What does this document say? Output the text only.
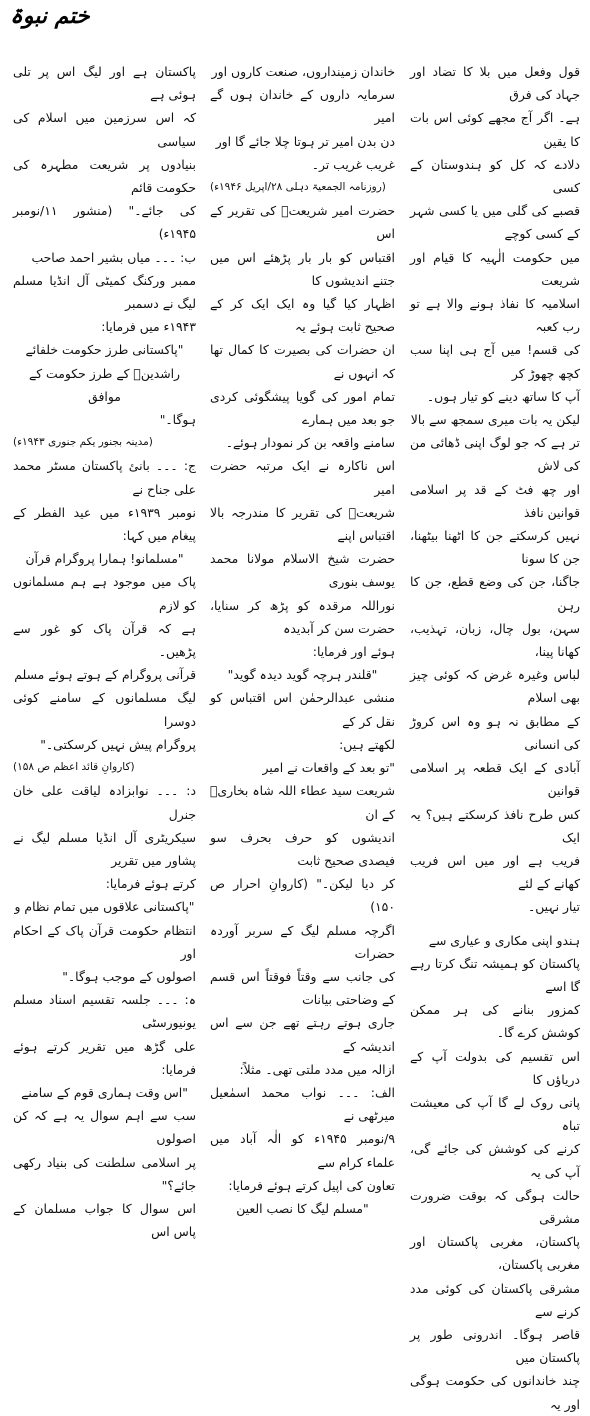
ختم نبوۃ

قول وفعل میں بلا کا تضاد اور جہاد کی فرق

ہے۔ اگر آج مجھے کوئی اس بات کا یقین

دلادے کہ کل کو ہندوستان کے کسی

قصبے کی گلی میں یا کسی شہر کے کسی کوچے

میں حکومت الٰہیہ کا قیام اور شریعت

اسلامیہ کا نفاذ ہونے والا ہے تو رب کعبہ

کی قسم! میں آج ہی اپنا سب کچھ چھوڑ کر

آپ کا ساتھ دینے کو تیار ہوں۔

لیکن یہ بات میری سمجھ سے بالا

تر ہے کہ جو لوگ اپنی ڈھائی من کی لاش

اور چھ فٹ کے قد پر اسلامی قوانین نافذ

نہیں کرسکتے جن کا اٹھنا بیٹھنا، جن کا سونا

جاگنا، جن کی وضع قطع، جن کا رہن

سہن، بول چال، زبان، تہذیب، کھانا پینا،

لباس وغیرہ غرض کہ کوئی چیز بھی اسلام

کے مطابق نہ ہو وہ اس کروڑ کی انسانی

آبادی کے ایک قطعہ پر اسلامی قوانین

کس طرح نافذ کرسکتے ہیں؟ یہ ایک

فریب ہے اور میں اس فریب کھانے کے لئے

تیار نہیں۔

ہندو اپنی مکاری و عیاری سے

پاکستان کو ہمیشہ تنگ کرتا رہے گا اسے

کمزور بنانے کی ہر ممکن کوشش کرے گا۔

اس تقسیم کی بدولت آپ کے دریاؤں کا

پانی روک لے گا آپ کی معیشت تباہ

کرنے کی کوشش کی جائے گی، آپ کی یہ

حالت ہوگی کہ بوقت ضرورت مشرقی

پاکستان، مغربی پاکستان اور مغربی پاکستان،

مشرقی پاکستان کی کوئی مدد کرنے سے

قاصر ہوگا۔ اندرونی طور پر پاکستان میں

چند خاندانوں کی حکومت ہوگی اور یہ

خاندان زمینداروں، صنعت کاروں اور

سرمایہ داروں کے خاندان ہوں گے امیر

دن بدن امیر تر ہوتا چلا جائے گا اور

غریب غریب تر۔

(روزنامہ الجمعیۃ دہلی ۲۸/اپریل ۱۹۴۶ء)

حضرت امیر شریعتؒ کی تقریر کے اس

اقتباس کو بار بار پڑھئے اس میں جتنے اندیشوں کا

اظہار کیا گیا وہ ایک ایک کر کے صحیح ثابت ہوئے یہ

ان حضرات کی بصیرت کا کمال تھا کہ انہوں نے

تمام امور کی گویا پیشگوئی کردی جو بعد میں ہمارے

سامنے واقعہ بن کر نمودار ہوئے۔

اس ناکارہ نے ایک مرتبہ حضرت امیر

شریعتؒ کی تقریر کا مندرجہ بالا اقتباس اپنے

حضرت شیخ الاسلام مولانا محمد یوسف بنوری

نوراللہ مرقدہ کو پڑھ کر سنایا، حضرت سن کر آبدیدہ

ہوئے اور فرمایا:

"قلندر ہرچہ گوید دیدہ گوید"

منشی عبدالرحمٰن اس اقتباس کو نقل کر کے

لکھتے ہیں:

"تو بعد کے واقعات نے امیر

شریعت سید عطاء اللہ شاہ بخاریؒ کے ان

اندیشوں کو حرف بحرف سو فیصدی صحیح ثابت

کر دیا لیکن۔" (کاروانِ احرار ص ۱۵۰)

اگرچہ مسلم لیگ کے سربر آوردہ حضرات

کی جانب سے وقتاً فوقتاً اس قسم کے وضاحتی بیانات

جاری ہوتے رہتے تھے جن سے اس اندیشہ کے

ازالہ میں مدد ملتی تھی۔ مثلاً:

الف: ۔۔۔ نواب محمد اسمٰعیل میرٹھی نے

۹/نومبر ۱۹۴۵ء کو الٰہ آباد میں علماء کرام سے

تعاون کی اپیل کرتے ہوئے فرمایا:

"مسلم لیگ کا نصب العین

پاکستان ہے اور لیگ اس پر تلی ہوئی ہے

کہ اس سرزمین میں اسلام کی سیاسی

بنیادوں پر شریعت مطہرہ کی حکومت قائم

کی جائے۔" (منشور ۱۱/نومبر ۱۹۴۵ء)

ب: ۔۔۔ میاں بشیر احمد صاحب

ممبر ورکنگ کمیٹی آل انڈیا مسلم لیگ نے دسمبر

۱۹۴۳ء میں فرمایا:

"پاکستانی طرز حکومت خلفائے

راشدینؓ کے طرز حکومت کے موافق

ہوگا۔"

(مدینہ بجنور یکم جنوری ۱۹۴۳ء)

ج: ۔۔۔ بانئ پاکستان مسٹر محمد علی جناح نے

نومبر ۱۹۳۹ء میں عید الفطر کے پیغام میں کہا:

"مسلمانو! ہمارا پروگرام قرآن

پاک میں موجود ہے ہم مسلمانوں کو لازم

ہے کہ قرآن پاک کو غور سے پڑھیں۔

قرآنی پروگرام کے ہوتے ہوئے مسلم

لیگ مسلمانوں کے سامنے کوئی دوسرا

پروگرام پیش نہیں کرسکتی۔"

(کاروانِ قائد اعظم ص ۱۵۸)

د: ۔۔۔ نوابزادہ لیاقت علی خان جنرل

سیکریٹری آل انڈیا مسلم لیگ نے پشاور میں تقریر

کرتے ہوئے فرمایا:

"پاکستانی علاقوں میں تمام نظام و

انتظام حکومت قرآن پاک کے احکام اور

اصولوں کے موجب ہوگا۔"

ہ: ۔۔۔ جلسہ تقسیم اسناد مسلم یونیورسٹی

علی گڑھ میں تقریر کرتے ہوئے فرمایا:

"اس وقت ہماری قوم کے سامنے

سب سے اہم سوال یہ ہے کہ کن اصولوں

پر اسلامی سلطنت کی بنیاد رکھی جائے؟"

اس سوال کا جواب مسلمان کے پاس اس
